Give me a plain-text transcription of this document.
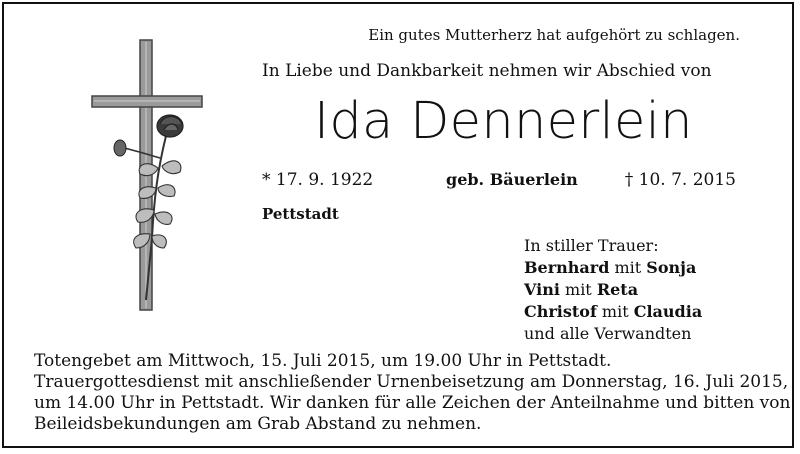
Ein gutes Mutterherz hat aufgehört zu schlagen.
In Liebe und Dankbarkeit nehmen wir Abschied von
Ida Dennerlein
* 17. 9. 1922	geb. Bäuerlein	† 10. 7. 2015
Pettstadt
In stiller Trauer:
Bernhard mit Sonja
Vini mit Reta
Christof mit Claudia
und alle Verwandten
Totengebet am Mittwoch, 15. Juli 2015, um 19.00 Uhr in Pettstadt.
Trauergottesdienst mit anschließender Urnenbeisetzung am Donnerstag, 16. Juli 2015,
um 14.00 Uhr in Pettstadt. Wir danken für alle Zeichen der Anteilnahme und bitten von
Beileidsbekundungen am Grab Abstand zu nehmen.
